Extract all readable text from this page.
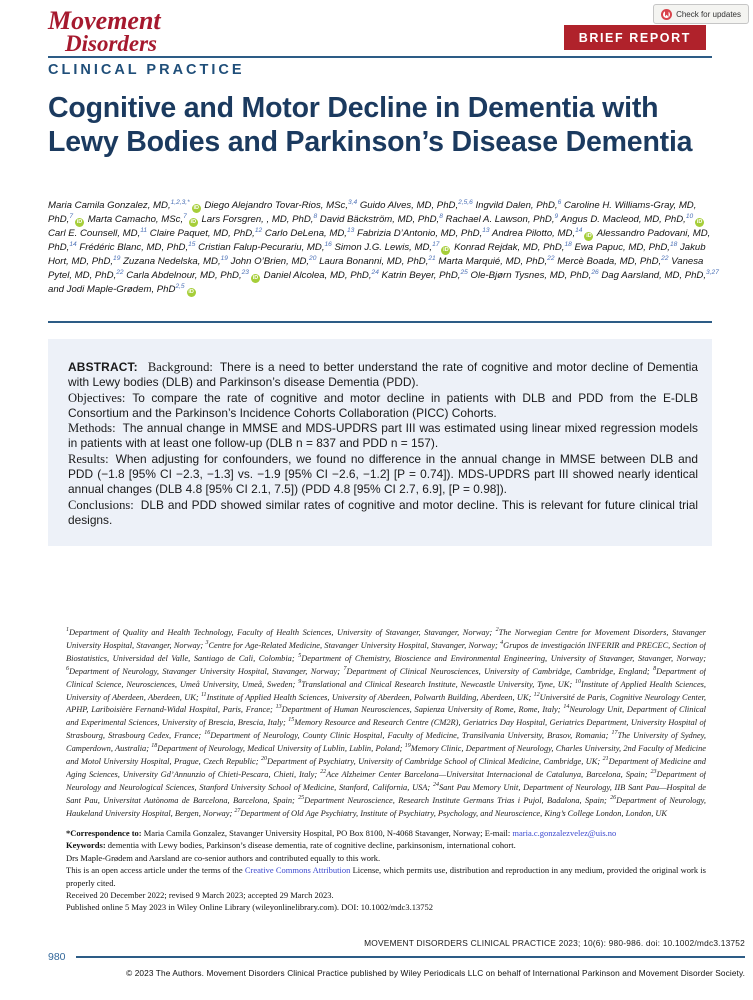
Check for updates
Movement
Disorders	BRIEF REPORT
CLINICAL PRACTICE
Cognitive and Motor Decline in Dementia with Lewy Bodies and Parkinson’s Disease Dementia
Maria Camila Gonzalez, MD,$^{1,2,3,*}$iD Diego Alejandro Tovar-Rios, MSc,$^{3,4}$ Guido Alves, MD, PhD,$^{2,5,6}$ Ingvild Dalen, PhD,$^6$ Caroline H. Williams-Gray, MD, PhD,$^7$iD Marta Camacho, MSc,$^7$iD Lars Forsgren, , MD, PhD,$^8$ David Bäckström, MD, PhD,$^8$ Rachael A. Lawson, PhD,$^9$ Angus D. Macleod, MD, PhD,$^{10}$iD Carl E. Counsell, MD,$^{11}$ Claire Paquet, MD, PhD,$^{12}$ Carlo DeLena, MD,$^{13}$ Fabrizia D’Antonio, MD, PhD,$^{13}$ Andrea Pilotto, MD,$^{14}$iD Alessandro Padovani, MD, PhD,$^{14}$ Frédéric Blanc, MD, PhD,$^{15}$ Cristian Falup-Pecurariu, MD,$^{16}$ Simon J.G. Lewis, MD,$^{17}$iD Konrad Rejdak, MD, PhD,$^{18}$ Ewa Papuc, MD, PhD,$^{18}$ Jakub Hort, MD, PhD,$^{19}$ Zuzana Nedelska, MD,$^{19}$ John O’Brien, MD,$^{20}$ Laura Bonanni, MD, PhD,$^{21}$ Marta Marquié, MD, PhD,$^{22}$ Mercè Boada, MD, PhD,$^{22}$ Vanesa Pytel, MD, PhD,$^{22}$ Carla Abdelnour, MD, PhD,$^{23}$iD Daniel Alcolea, MD, PhD,$^{24}$ Katrin Beyer, PhD,$^{25}$ Ole-Bjørn Tysnes, MD, PhD,$^{26}$ Dag Aarsland, MD, PhD,$^{3,27}$ and Jodi Maple-Grødem, PhD$^{2,5}$iD
ABSTRACT: Background: There is a need to better understand the rate of cognitive and motor decline of Dementia with Lewy bodies (DLB) and Parkinson’s disease Dementia (PDD).
Objectives: To compare the rate of cognitive and motor decline in patients with DLB and PDD from the E-DLB Consortium and the Parkinson’s Incidence Cohorts Collaboration (PICC) Cohorts.
Methods: The annual change in MMSE and MDS-UPDRS part III was estimated using linear mixed regression models in patients with at least one follow-up (DLB n = 837 and PDD n = 157).
Results: When adjusting for confounders, we found no difference in the annual change in MMSE between DLB and PDD (−1.8 [95% CI −2.3, −1.3] vs. −1.9 [95% CI −2.6, −1.2] [P = 0.74]). MDS-UPDRS part III showed nearly identical annual changes (DLB 4.8 [95% CI 2.1, 7.5]) (PDD 4.8 [95% CI 2.7, 6.9], [P = 0.98]).
Conclusions: DLB and PDD showed similar rates of cognitive and motor decline. This is relevant for future clinical trial designs.
$^1$Department of Quality and Health Technology, Faculty of Health Sciences, University of Stavanger, Stavanger, Norway; $^2$The Norwegian Centre for Movement Disorders, Stavanger University Hospital, Stavanger, Norway; $^3$Centre for Age-Related Medicine, Stavanger University Hospital, Stavanger, Norway; $^4$Grupos de investigación INFERIR and PRECEC, Section of Biostatistics, Universidad del Valle, Santiago de Cali, Colombia; $^5$Department of Chemistry, Bioscience and Environmental Engineering, University of Stavanger, Stavanger, Norway; $^6$Department of Neurology, Stavanger University Hospital, Stavanger, Norway; $^7$Department of Clinical Neurosciences, University of Cambridge, Cambridge, England; $^8$Department of Clinical Science, Neurosciences, Umeå University, Umeå, Sweden; $^9$Translational and Clinical Research Institute, Newcastle University, Tyne, UK; $^{10}$Institute of Applied Health Sciences, University of Aberdeen, Aberdeen, UK; $^{11}$Institute of Applied Health Sciences, University of Aberdeen, Polwarth Building, Aberdeen, UK; $^{12}$Université de Paris, Cognitive Neurology Center, APHP, Lariboisière Fernand-Widal Hospital, Paris, France; $^{13}$Department of Human Neurosciences, Sapienza University of Rome, Rome, Italy; $^{14}$Neurology Unit, Department of Clinical and Experimental Sciences, University of Brescia, Brescia, Italy; $^{15}$Memory Resource and Research Centre (CM2R), Geriatrics Day Hospital, Geriatrics Department, University Hospital of Strasbourg, Strasbourg Cedex, France; $^{16}$Department of Neurology, County Clinic Hospital, Faculty of Medicine, Transilvania University, Brasov, Romania; $^{17}$The University of Sydney, Camperdown, Australia; $^{18}$Department of Neurology, Medical University of Lublin, Lublin, Poland; $^{19}$Memory Clinic, Department of Neurology, Charles University, 2nd Faculty of Medicine and Motol University Hospital, Prague, Czech Republic; $^{20}$Department of Psychiatry, University of Cambridge School of Clinical Medicine, Cambridge, UK; $^{21}$Department of Medicine and Aging Sciences, University Gd’Annunzio of Chieti-Pescara, Chieti, Italy; $^{22}$Ace Alzheimer Center Barcelona—Universitat Internacional de Catalunya, Barcelona, Spain; $^{23}$Department of Neurology and Neurological Sciences, Stanford University School of Medicine, Stanford, California, USA; $^{24}$Sant Pau Memory Unit, Department of Neurology, IIB Sant Pau—Hospital de Sant Pau, Universitat Autònoma de Barcelona, Barcelona, Spain; $^{25}$Department Neuroscience, Research Institute Germans Trias i Pujol, Badalona, Spain; $^{26}$Department of Neurology, Haukeland University Hospital, Bergen, Norway; $^{27}$Department of Old Age Psychiatry, Institute of Psychiatry, Psychology, and Neuroscience, King’s College London, London, UK

*Correspondence to: Maria Camila Gonzalez, Stavanger University Hospital, PO Box 8100, N-4068 Stavanger, Norway; E-mail: maria.c.gonzalezvelez@uis.no

Keywords: dementia with Lewy bodies, Parkinson’s disease dementia, rate of cognitive decline, parkinsonism, international cohort.

Drs Maple-Grødem and Aarsland are co-senior authors and contributed equally to this work.

This is an open access article under the terms of the Creative Commons Attribution License, which permits use, distribution and reproduction in any medium, provided the original work is properly cited.

Received 20 December 2022; revised 9 March 2023; accepted 29 March 2023.

Published online 5 May 2023 in Wiley Online Library (wileyonlinelibrary.com). DOI: 10.1002/mdc3.13752

MOVEMENT DISORDERS CLINICAL PRACTICE 2023; 10(6): 980-986. doi: 10.1002/mdc3.13752
980
© 2023 The Authors. Movement Disorders Clinical Practice published by Wiley Periodicals LLC on behalf of International Parkinson and Movement Disorder Society.
